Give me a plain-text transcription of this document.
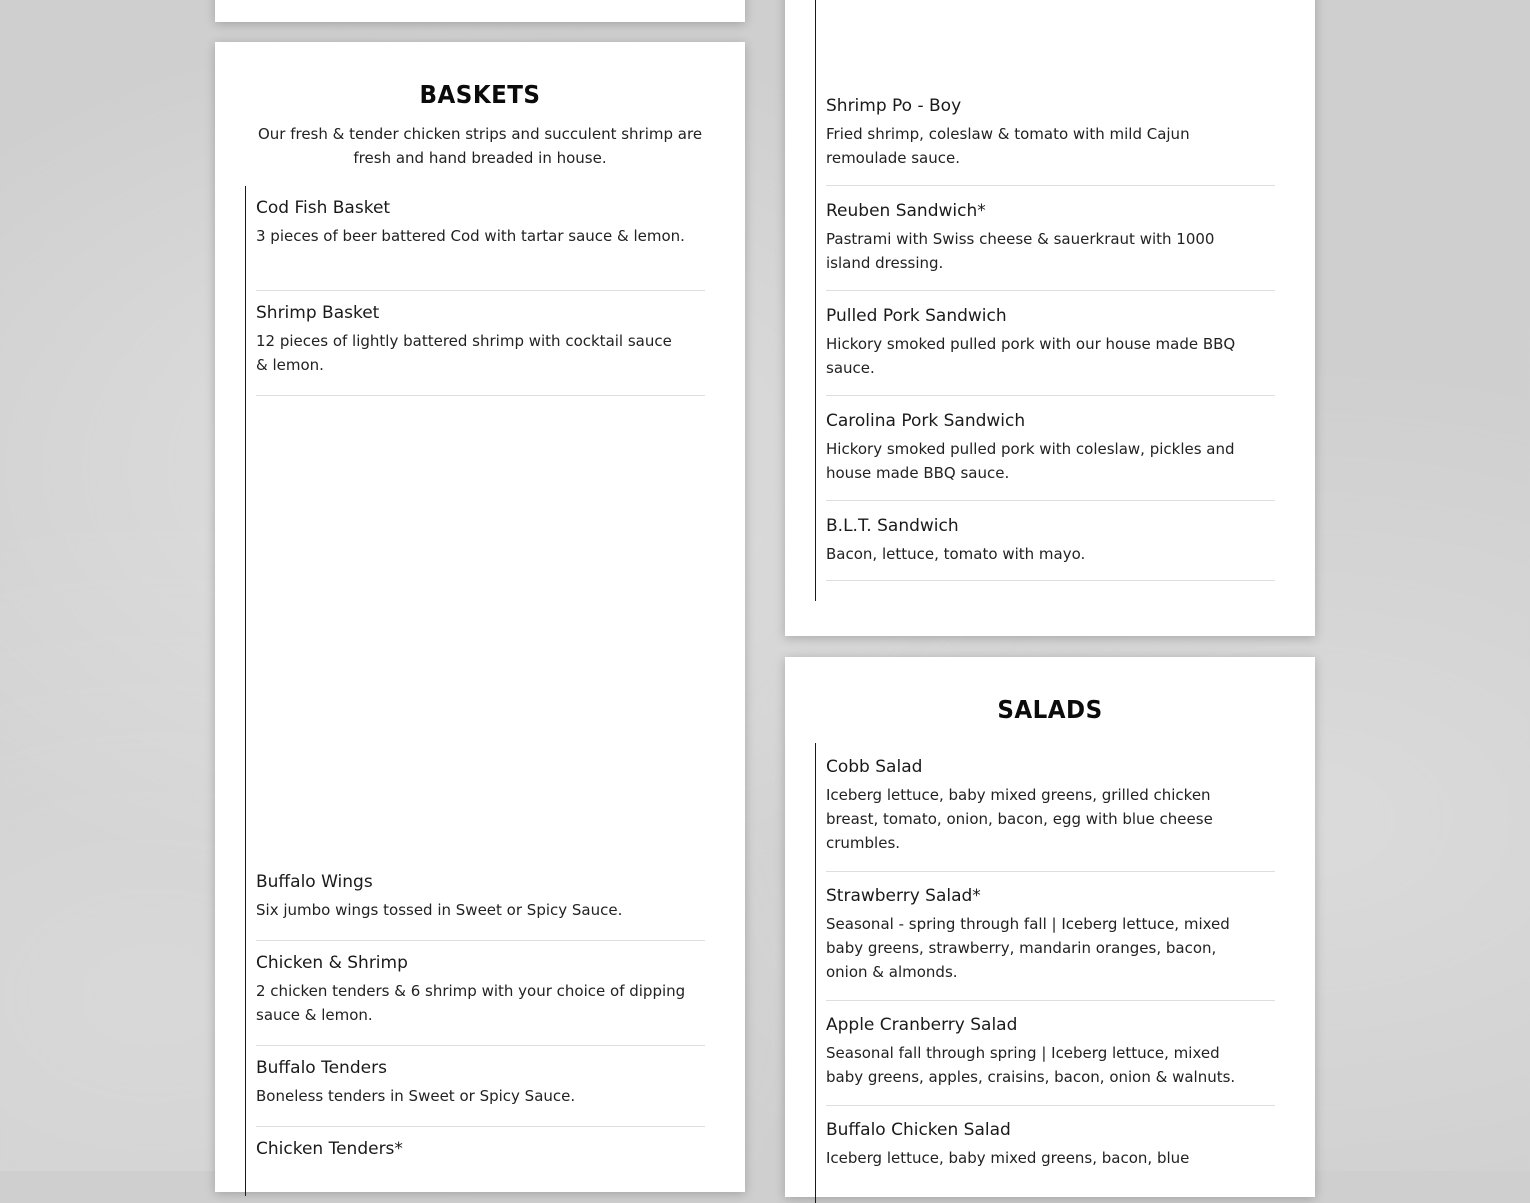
BASKETS

Our fresh & tender chicken strips and succulent shrimp are fresh and hand breaded in house.

Cod Fish Basket

3 pieces of beer battered Cod with tartar sauce & lemon.

Shrimp Basket

12 pieces of lightly battered shrimp with cocktail sauce & lemon.

Buffalo Wings

Six jumbo wings tossed in Sweet or Spicy Sauce.

Chicken & Shrimp

2 chicken tenders & 6 shrimp with your choice of dipping sauce & lemon.

Buffalo Tenders

Boneless tenders in Sweet or Spicy Sauce.

Chicken Tenders*

Shrimp Po - Boy

Fried shrimp, coleslaw & tomato with mild Cajun remoulade sauce.

Reuben Sandwich*

Pastrami with Swiss cheese & sauerkraut with 1000 island dressing.

Pulled Pork Sandwich

Hickory smoked pulled pork with our house made BBQ sauce.

Carolina Pork Sandwich

Hickory smoked pulled pork with coleslaw, pickles and house made BBQ sauce.

B.L.T. Sandwich

Bacon, lettuce, tomato with mayo.

SALADS

Cobb Salad

Iceberg lettuce, baby mixed greens, grilled chicken breast, tomato, onion, bacon, egg with blue cheese crumbles.

Strawberry Salad*

Seasonal - spring through fall | Iceberg lettuce, mixed baby greens, strawberry, mandarin oranges, bacon, onion & almonds.

Apple Cranberry Salad

Seasonal fall through spring | Iceberg lettuce, mixed baby greens, apples, craisins, bacon, onion & walnuts.

Buffalo Chicken Salad

Iceberg lettuce, baby mixed greens, bacon, blue
